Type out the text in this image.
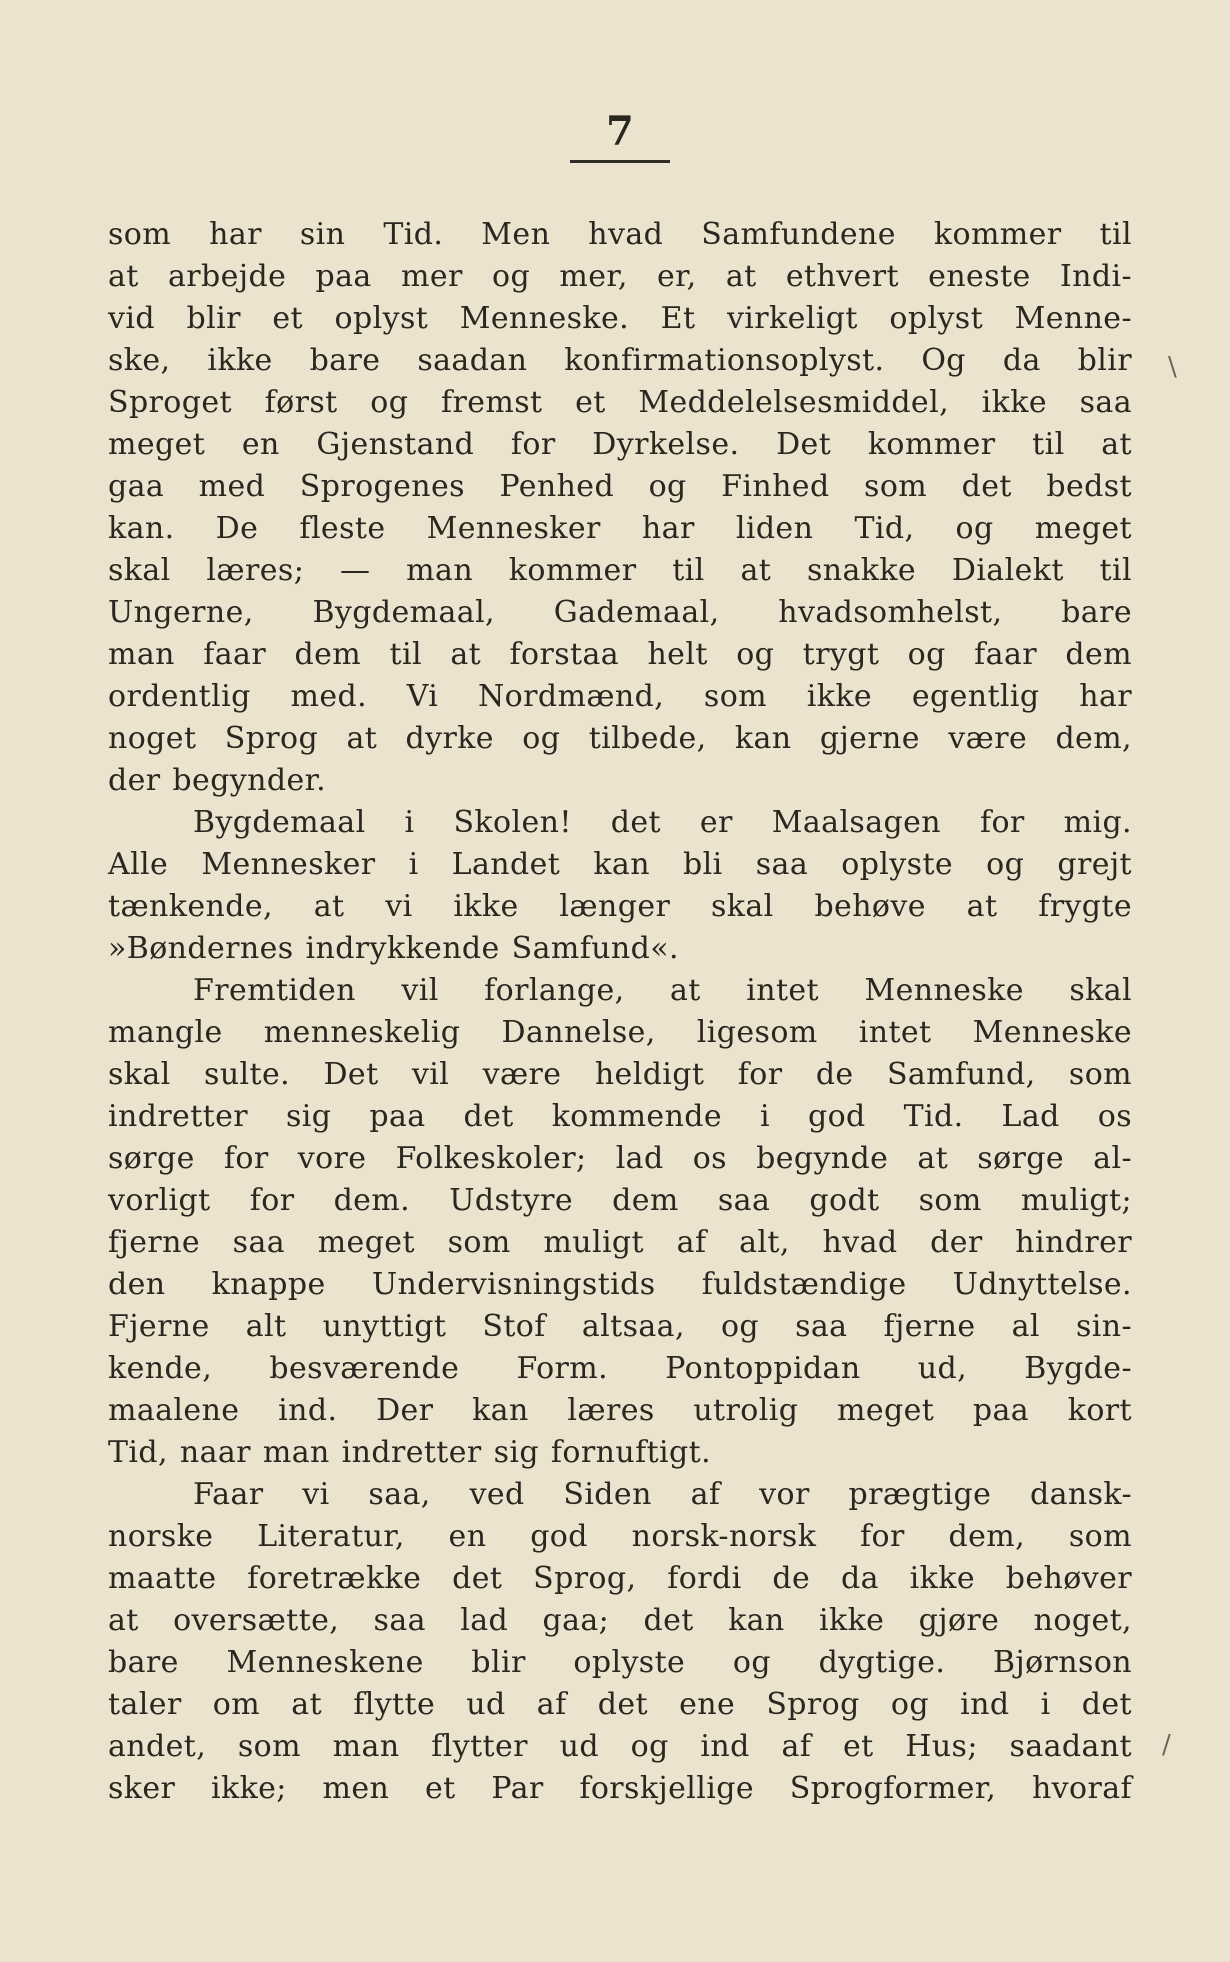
7

som har sin Tid. Men hvad Samfundene kommer til

at arbejde paa mer og mer, er, at ethvert eneste Indi-

vid blir et oplyst Menneske. Et virkeligt oplyst Menne-

ske, ikke bare saadan konfirmationsoplyst. Og da blir

Sproget først og fremst et Meddelelsesmiddel, ikke saa

meget en Gjenstand for Dyrkelse. Det kommer til at

gaa med Sprogenes Penhed og Finhed som det bedst

kan. De fleste Mennesker har liden Tid, og meget

skal læres; — man kommer til at snakke Dialekt til

Ungerne, Bygdemaal, Gademaal, hvadsomhelst, bare

man faar dem til at forstaa helt og trygt og faar dem

ordentlig med. Vi Nordmænd, som ikke egentlig har

noget Sprog at dyrke og tilbede, kan gjerne være dem,

der begynder.

Bygdemaal i Skolen! det er Maalsagen for mig.

Alle Mennesker i Landet kan bli saa oplyste og grejt

tænkende, at vi ikke længer skal behøve at frygte

»Bøndernes indrykkende Samfund«.

Fremtiden vil forlange, at intet Menneske skal

mangle menneskelig Dannelse, ligesom intet Menneske

skal sulte. Det vil være heldigt for de Samfund, som

indretter sig paa det kommende i god Tid. Lad os

sørge for vore Folkeskoler; lad os begynde at sørge al-

vorligt for dem. Udstyre dem saa godt som muligt;

fjerne saa meget som muligt af alt, hvad der hindrer

den knappe Undervisningstids fuldstændige Udnyttelse.

Fjerne alt unyttigt Stof altsaa, og saa fjerne al sin-

kende, besværende Form. Pontoppidan ud, Bygde-

maalene ind. Der kan læres utrolig meget paa kort

Tid, naar man indretter sig fornuftigt.

Faar vi saa, ved Siden af vor prægtige dansk-

norske Literatur, en god norsk-norsk for dem, som

maatte foretrække det Sprog, fordi de da ikke behøver

at oversætte, saa lad gaa; det kan ikke gjøre noget,

bare Menneskene blir oplyste og dygtige. Bjørnson

taler om at flytte ud af det ene Sprog og ind i det

andet, som man flytter ud og ind af et Hus; saadant

sker ikke; men et Par forskjellige Sprogformer, hvoraf

\
/
